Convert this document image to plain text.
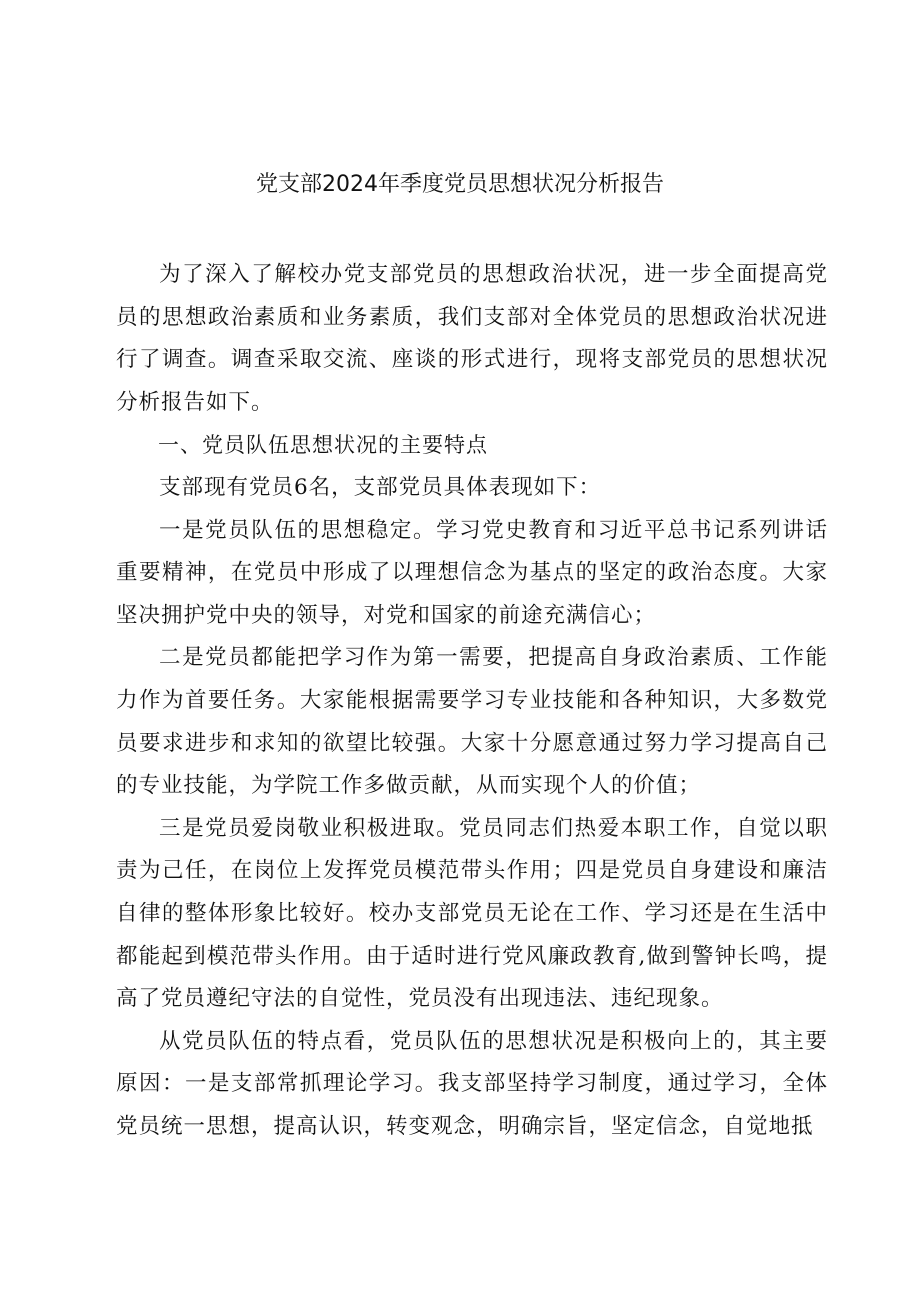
党支部2024年季度党员思想状况分析报告

为了深入了解校办党支部党员的思想政治状况，进一步全面提高党员的思想政治素质和业务素质，我们支部对全体党员的思想政治状况进行了调查。调查采取交流、座谈的形式进行，现将支部党员的思想状况分析报告如下。

一、党员队伍思想状况的主要特点

支部现有党员6名，支部党员具体表现如下：

一是党员队伍的思想稳定。学习党史教育和习近平总书记系列讲话重要精神，在党员中形成了以理想信念为基点的坚定的政治态度。大家坚决拥护党中央的领导，对党和国家的前途充满信心；

二是党员都能把学习作为第一需要，把提高自身政治素质、工作能力作为首要任务。大家能根据需要学习专业技能和各种知识，大多数党员要求进步和求知的欲望比较强。大家十分愿意通过努力学习提高自己的专业技能，为学院工作多做贡献，从而实现个人的价值；

三是党员爱岗敬业积极进取。党员同志们热爱本职工作，自觉以职责为己任，在岗位上发挥党员模范带头作用；四是党员自身建设和廉洁自律的整体形象比较好。校办支部党员无论在工作、学习还是在生活中都能起到模范带头作用。由于适时进行党风廉政教育,做到警钟长鸣，提高了党员遵纪守法的自觉性，党员没有出现违法、违纪现象。

从党员队伍的特点看，党员队伍的思想状况是积极向上的，其主要原因：一是支部常抓理论学习。我支部坚持学习制度，通过学习，全体党员统一思想，提高认识，转变观念，明确宗旨，坚定信念，自觉地抵
